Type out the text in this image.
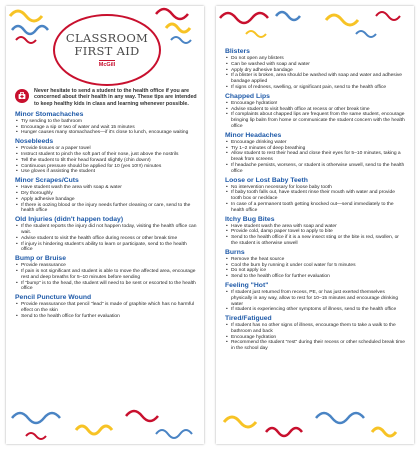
CLASSROOM
FIRST AID
McGill
Never hesitate to send a student to the health office if you are concerned about their health in any way. These tips are intended to keep healthy kids in class and learning whenever possible.
Minor Stomachaches
• Try sending to the bathroom
• Encourage a sip or two of water and wait 15 minutes
• Hunger causes many stomachaches—if it's close to lunch, encourage waiting
Nosebleeds
• Provide tissues or a paper towel
• Instruct student to pinch the soft part of their nose, just above the nostrils
• Tell the student to tilt their head forward slightly (chin down!)
• Continuous pressure should be applied for 10 (yes 10!!!) minutes
• Use gloves if assisting the student
Minor Scrapes/Cuts
• Have student wash the area with soap & water
• Dry thoroughly
• Apply adhesive bandage
• If there is oozing blood or the injury needs further cleaning or care, send to the health office
Old Injuries (didn't happen today)
• If the student reports the injury did not happen today, visiting the health office can wait.
• Advise student to visit the health office during recess or other break time
• If injury is hindering student's ability to learn or participate, send to the health office
Bump or Bruise
• Provide reassurance
• If pain is not significant and student is able to move the affected area, encourage rest and deep breaths for 5–10 minutes before sending
• If "bump" is to the head, the student will need to be sent or escorted to the health office
Pencil Puncture Wound
• Provide reassurance that pencil "lead" is made of graphite which has no harmful effect on the skin
• Send to the health office for further evaluation
Blisters
• Do not open any blisters
• Can be washed with soap and water
• Apply dry adhesive bandage
• If a blister is broken, area should be washed with soap and water and adhesive bandage applied
• If signs of redness, swelling, or significant pain, send to the health office
Chapped Lips
• Encourage hydration!
• Advise student to visit health office at recess or other break time
• If complaints about chapped lips are frequent from the same student, encourage bringing lip balm from home or communicate the student concern with the health office
Minor Headaches
• Encourage drinking water
• Try 1–2 minutes of deep breathing
• Allow student to rest their head and close their eyes for 5–10 minutes, taking a break from screens
• If headache persists, worsens, or student is otherwise unwell, send to the health office
Loose or Lost Baby Teeth
• No intervention necessary for loose baby tooth
• If baby tooth falls out, have student rinse their mouth with water and provide tooth box or necklace
• In case of a permanent tooth getting knocked out—send immediately to the health office
Itchy Bug Bites
• Have student wash the area with soap and water
• Provide cold, damp paper towel to apply to bite
• Send to the health office if it is a new insect sting or the bite is red, swollen, or the student is otherwise unwell
Burns
• Remove the heat source
• Cool the burn by running it under cool water for 5 minutes
• Do not apply ice
• Send to the health office for further evaluation
Feeling "Hot"
• If student just returned from recess, PE, or has just exerted themselves physically in any way, allow to rest for 10–15 minutes and encourage drinking water
• If student is experiencing other symptoms of illness, send to the health office
Tired/Fatigued
• If student has no other signs of illness, encourage them to take a walk to the bathroom and back
• Encourage hydration
• Recommend the student "rest" during their recess or other scheduled break time in the school day
